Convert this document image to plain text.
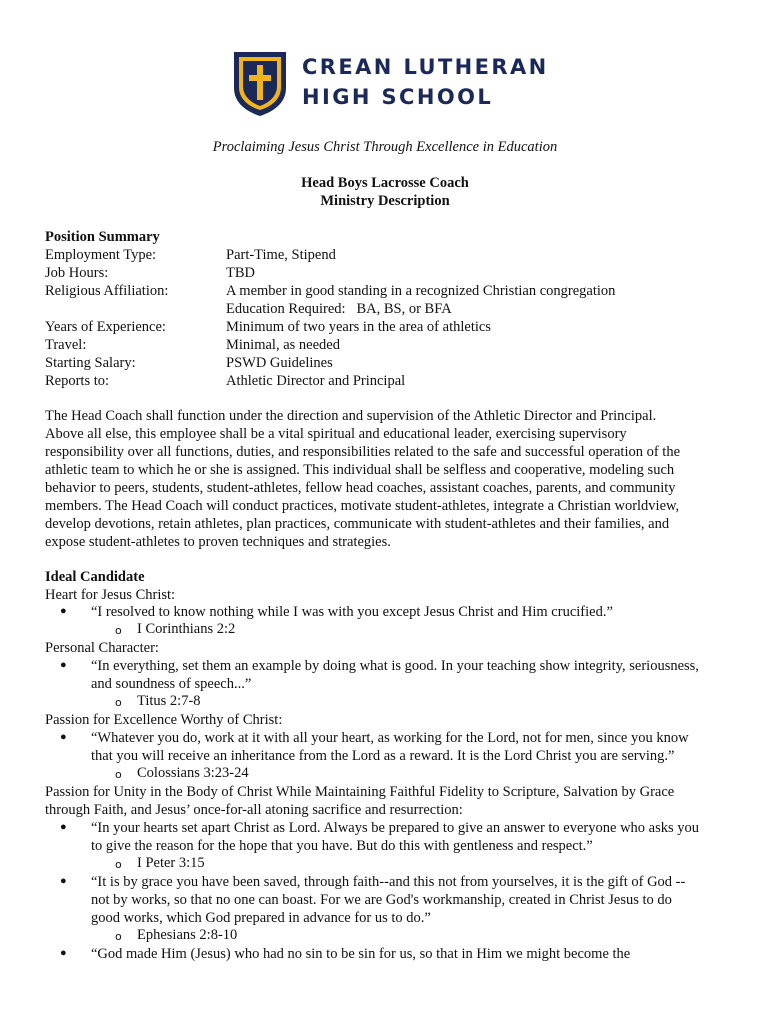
CREAN LUTHERAN
HIGH SCHOOL
Proclaiming Jesus Christ Through Excellence in Education
Head Boys Lacrosse Coach
Ministry Description
Position Summary
Employment Type:	Part-Time, Stipend
Job Hours:	TBD
Religious Affiliation:	A member in good standing in a recognized Christian congregation
Education Required:   BA, BS, or BFA
Years of Experience:	Minimum of two years in the area of athletics
Travel:	Minimal, as needed
Starting Salary:	PSWD Guidelines
Reports to:	Athletic Director and Principal
The Head Coach shall function under the direction and supervision of the Athletic Director and Principal.
Above all else, this employee shall be a vital spiritual and educational leader, exercising supervisory
responsibility over all functions, duties, and responsibilities related to the safe and successful operation of the
athletic team to which he or she is assigned. This individual shall be selfless and cooperative, modeling such
behavior to peers, students, student-athletes, fellow head coaches, assistant coaches, parents, and community
members. The Head Coach will conduct practices, motivate student-athletes, integrate a Christian worldview,
develop devotions, retain athletes, plan practices, communicate with student-athletes and their families, and
expose student-athletes to proven techniques and strategies.
Ideal Candidate
Heart for Jesus Christ:
● “I resolved to know nothing while I was with you except Jesus Christ and Him crucified.”
o I Corinthians 2:2
Personal Character:
● “In everything, set them an example by doing what is good. In your teaching show integrity, seriousness,
and soundness of speech...”
o Titus 2:7-8
Passion for Excellence Worthy of Christ:
● “Whatever you do, work at it with all your heart, as working for the Lord, not for men, since you know
that you will receive an inheritance from the Lord as a reward. It is the Lord Christ you are serving.”
o Colossians 3:23-24
Passion for Unity in the Body of Christ While Maintaining Faithful Fidelity to Scripture, Salvation by Grace
through Faith, and Jesus’ once-for-all atoning sacrifice and resurrection:
● “In your hearts set apart Christ as Lord. Always be prepared to give an answer to everyone who asks you
to give the reason for the hope that you have. But do this with gentleness and respect.”
o I Peter 3:15
● “It is by grace you have been saved, through faith--and this not from yourselves, it is the gift of God --
not by works, so that no one can boast. For we are God's workmanship, created in Christ Jesus to do
good works, which God prepared in advance for us to do.”
o Ephesians 2:8-10
● “God made Him (Jesus) who had no sin to be sin for us, so that in Him we might become the
